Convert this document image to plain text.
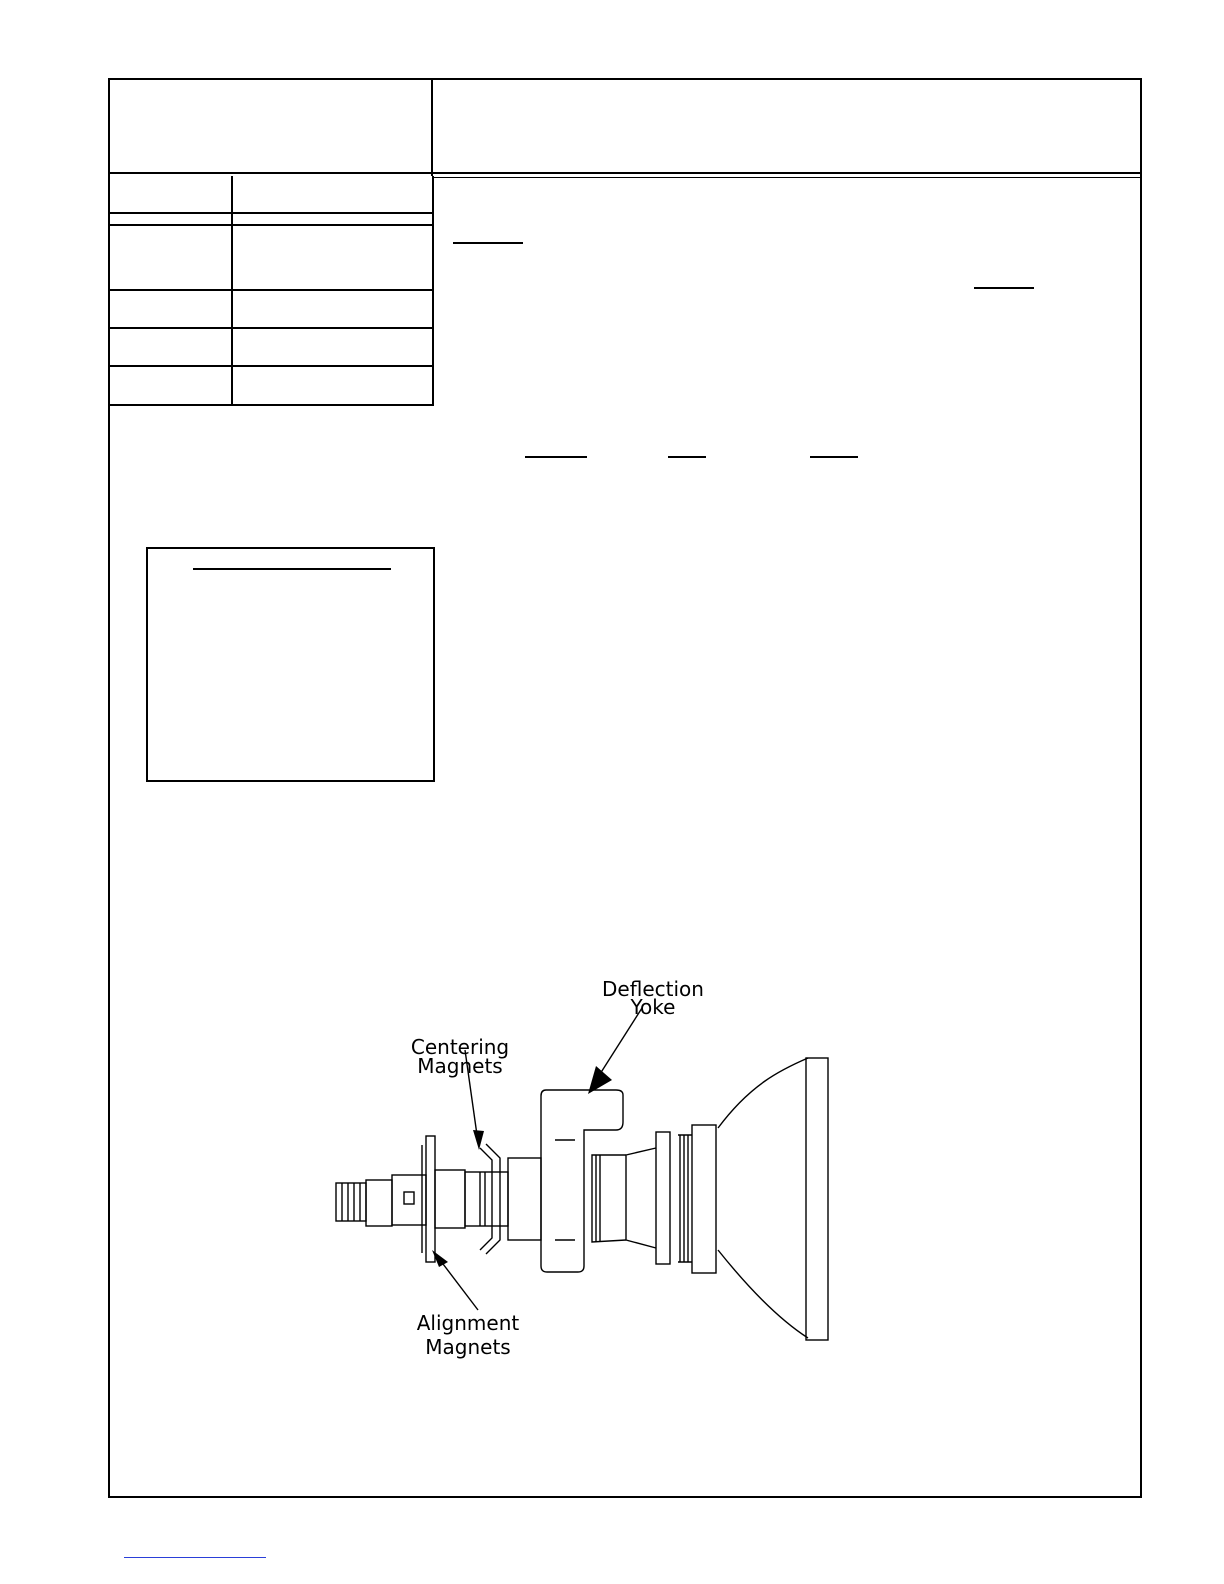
Deflection
Yoke
Centering
Magnets
Alignment
Magnets
